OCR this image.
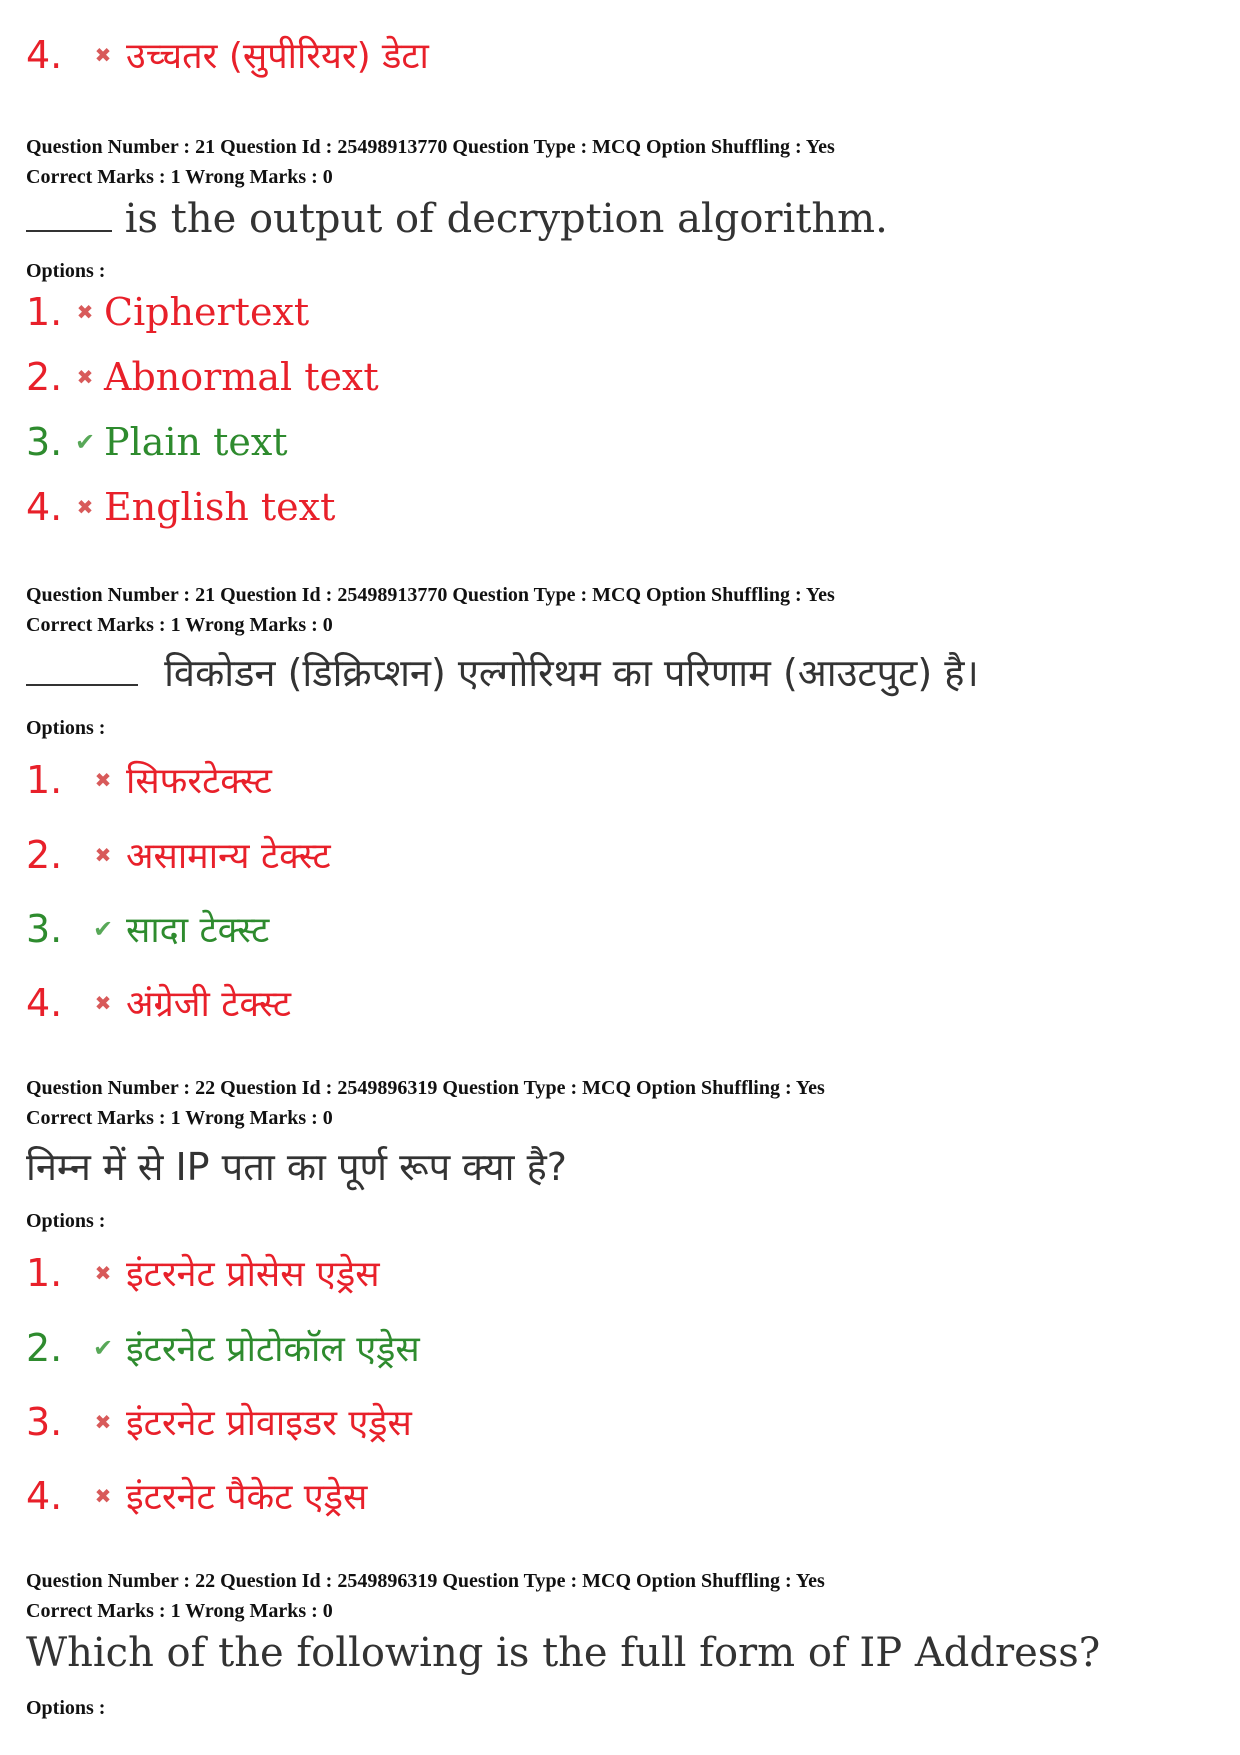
4.	✖ उच्चतर (सुपीरियर) डेटा
Question Number : 21 Question Id : 25498913770 Question Type : MCQ Option Shuffling : Yes
Correct Marks : 1 Wrong Marks : 0
is the output of decryption algorithm.
Options :
1. ✖ Ciphertext
2. ✖ Abnormal text
3. ✔ Plain text
4. ✖ English text
Question Number : 21 Question Id : 25498913770 Question Type : MCQ Option Shuffling : Yes
Correct Marks : 1 Wrong Marks : 0
विकोडन (डिक्रिप्शन) एल्गोरिथम का परिणाम (आउटपुट) है।
Options :
1.	✖ सिफरटेक्स्ट
2.	✖ असामान्य टेक्स्ट
3.	✔ सादा टेक्स्ट
4.	✖ अंग्रेजी टेक्स्ट
Question Number : 22 Question Id : 2549896319 Question Type : MCQ Option Shuffling : Yes
Correct Marks : 1 Wrong Marks : 0
निम्न में से IP पता का पूर्ण रूप क्या है?
Options :
1.	✖ इंटरनेट प्रोसेस एड्रेस
2.	✔ इंटरनेट प्रोटोकॉल एड्रेस
3.	✖ इंटरनेट प्रोवाइडर एड्रेस
4.	✖ इंटरनेट पैकेट एड्रेस
Question Number : 22 Question Id : 2549896319 Question Type : MCQ Option Shuffling : Yes
Correct Marks : 1 Wrong Marks : 0
Which of the following is the full form of IP Address?
Options :
